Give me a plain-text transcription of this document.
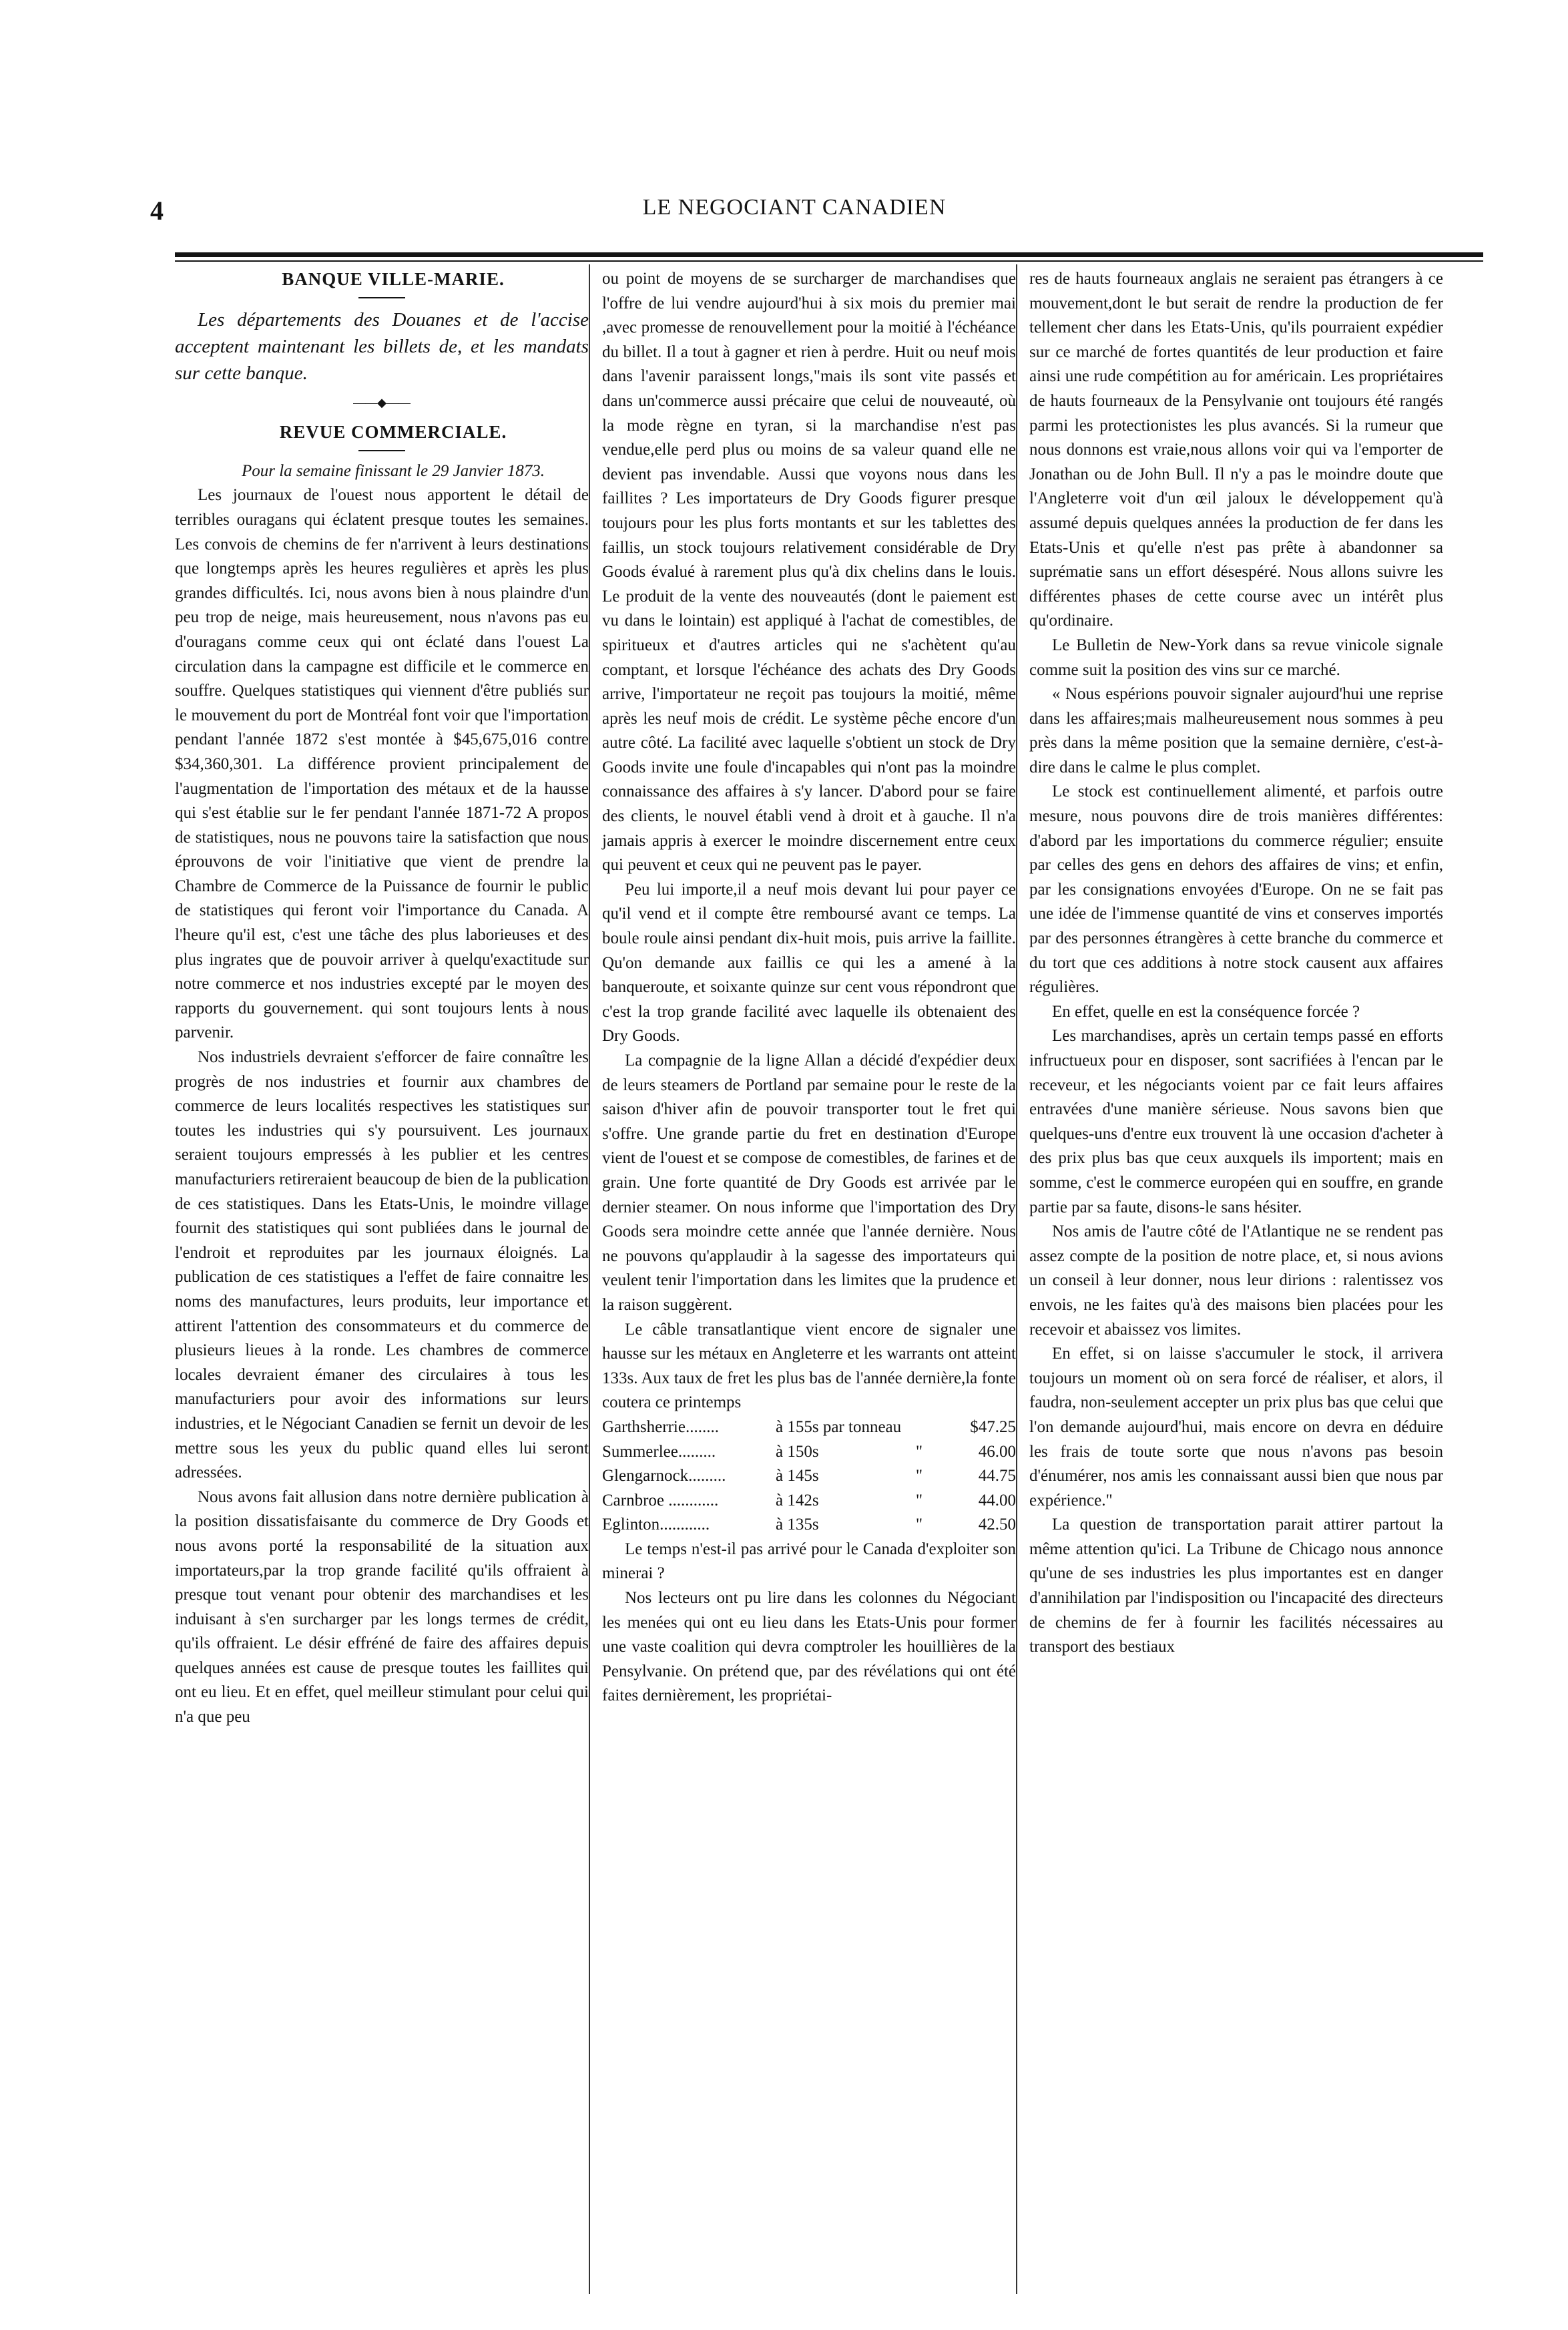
4	LE NEGOCIANT CANADIEN

BANQUE VILLE-MARIE.

Les départements des Douanes et de l'accise acceptent maintenant les billets de, et les mandats sur cette banque.

——◆——

REVUE COMMERCIALE.

Pour la semaine finissant le 29 Janvier 1873.

Les journaux de l'ouest nous apportent le détail de terribles ouragans qui éclatent presque toutes les semaines. Les convois de chemins de fer n'arrivent à leurs destinations que longtemps après les heures regulières et après les plus grandes difficultés. Ici, nous avons bien à nous plaindre d'un peu trop de neige, mais heureusement, nous n'avons pas eu d'ouragans comme ceux qui ont éclaté dans l'ouest La circulation dans la campagne est difficile et le commerce en souffre. Quelques statistiques qui viennent d'être publiés sur le mouvement du port de Montréal font voir que l'importation pendant l'année 1872 s'est montée à $45,675,016 contre $34,360,301. La différence provient principalement de l'augmentation de l'importation des métaux et de la hausse qui s'est établie sur le fer pendant l'année 1871-72 A propos de statistiques, nous ne pouvons taire la satisfaction que nous éprouvons de voir l'initiative que vient de prendre la Chambre de Commerce de la Puissance de fournir le public de statistiques qui feront voir l'importance du Canada. A l'heure qu'il est, c'est une tâche des plus laborieuses et des plus ingrates que de pouvoir arriver à quelqu'exactitude sur notre commerce et nos industries excepté par le moyen des rapports du gouvernement. qui sont toujours lents à nous parvenir.

Nos industriels devraient s'efforcer de faire connaître les progrès de nos industries et fournir aux chambres de commerce de leurs localités respectives les statistiques sur toutes les industries qui s'y poursuivent. Les journaux seraient toujours empressés à les publier et les centres manufacturiers retireraient beaucoup de bien de la publication de ces statistiques. Dans les Etats-Unis, le moindre village fournit des statistiques qui sont publiées dans le journal de l'endroit et reproduites par les journaux éloignés. La publication de ces statistiques a l'effet de faire connaitre les noms des manufactures, leurs produits, leur importance et attirent l'attention des consommateurs et du commerce de plusieurs lieues à la ronde. Les chambres de commerce locales devraient émaner des circulaires à tous les manufacturiers pour avoir des informations sur leurs industries, et le Négociant Canadien se fernit un devoir de les mettre sous les yeux du public quand elles lui seront adressées.

Nous avons fait allusion dans notre dernière publication à la position dissatisfaisante du commerce de Dry Goods et nous avons porté la responsabilité de la situation aux importateurs,par la trop grande facilité qu'ils offraient à presque tout venant pour obtenir des marchandises et les induisant à s'en surcharger par les longs termes de crédit, qu'ils offraient. Le désir effréné de faire des affaires depuis quelques années est cause de presque toutes les faillites qui ont eu lieu. Et en effet, quel meilleur stimulant pour celui qui n'a que peu

ou point de moyens de se surcharger de marchandises que l'offre de lui vendre aujourd'hui à six mois du premier mai ,avec promesse de renouvellement pour la moitié à l'échéance du billet. Il a tout à gagner et rien à perdre. Huit ou neuf mois dans l'avenir paraissent longs,"mais ils sont vite passés et dans un'commerce aussi précaire que celui de nouveauté, où la mode règne en tyran, si la marchandise n'est pas vendue,elle perd plus ou moins de sa valeur quand elle ne devient pas invendable. Aussi que voyons nous dans les faillites ? Les importateurs de Dry Goods figurer presque toujours pour les plus forts montants et sur les tablettes des faillis, un stock toujours relativement considérable de Dry Goods évalué à rarement plus qu'à dix chelins dans le louis. Le produit de la vente des nouveautés (dont le paiement est vu dans le lointain) est appliqué à l'achat de comestibles, de spiritueux et d'autres articles qui ne s'achètent qu'au comptant, et lorsque l'échéance des achats des Dry Goods arrive, l'importateur ne reçoit pas toujours la moitié, même après les neuf mois de crédit. Le système pêche encore d'un autre côté. La facilité avec laquelle s'obtient un stock de Dry Goods invite une foule d'incapables qui n'ont pas la moindre connaissance des affaires à s'y lancer. D'abord pour se faire des clients, le nouvel établi vend à droit et à gauche. Il n'a jamais appris à exercer le moindre discernement entre ceux qui peuvent et ceux qui ne peuvent pas le payer.

Peu lui importe,il a neuf mois devant lui pour payer ce qu'il vend et il compte être remboursé avant ce temps. La boule roule ainsi pendant dix-huit mois, puis arrive la faillite. Qu'on demande aux faillis ce qui les a amené à la banqueroute, et soixante quinze sur cent vous répondront que c'est la trop grande facilité avec laquelle ils obtenaient des Dry Goods.

La compagnie de la ligne Allan a décidé d'expédier deux de leurs steamers de Portland par semaine pour le reste de la saison d'hiver afin de pouvoir transporter tout le fret qui s'offre. Une grande partie du fret en destination d'Europe vient de l'ouest et se compose de comestibles, de farines et de grain. Une forte quantité de Dry Goods est arrivée par le dernier steamer. On nous informe que l'importation des Dry Goods sera moindre cette année que l'année dernière. Nous ne pouvons qu'applaudir à la sagesse des importateurs qui veulent tenir l'importation dans les limites que la prudence et la raison suggèrent.

Le câble transatlantique vient encore de signaler une hausse sur les métaux en Angleterre et les warrants ont atteint 133s. Aux taux de fret les plus bas de l'année dernière,la fonte coutera ce printemps

Garthsherrie........	à 155s par tonneau	$47.25
Summerlee.........	à 150s	"	46.00
Glengarnock.........	à 145s	"	44.75
Carnbroe ............	à 142s	"	44.00
Eglinton............	à 135s	"	42.50

Le temps n'est-il pas arrivé pour le Canada d'exploiter son minerai ?

Nos lecteurs ont pu lire dans les colonnes du Négociant les menées qui ont eu lieu dans les Etats-Unis pour former une vaste coalition qui devra comptroler les houillières de la Pensylvanie. On prétend que, par des révélations qui ont été faites dernièrement, les propriétai-

res de hauts fourneaux anglais ne seraient pas étrangers à ce mouvement,dont le but serait de rendre la production de fer tellement cher dans les Etats-Unis, qu'ils pourraient expédier sur ce marché de fortes quantités de leur production et faire ainsi une rude compétition au for américain. Les propriétaires de hauts fourneaux de la Pensylvanie ont toujours été rangés parmi les protectionistes les plus avancés. Si la rumeur que nous donnons est vraie,nous allons voir qui va l'emporter de Jonathan ou de John Bull. Il n'y a pas le moindre doute que l'Angleterre voit d'un œil jaloux le développement qu'à assumé depuis quelques années la production de fer dans les Etats-Unis et qu'elle n'est pas prête à abandonner sa suprématie sans un effort désespéré. Nous allons suivre les différentes phases de cette course avec un intérêt plus qu'ordinaire.

Le Bulletin de New-York dans sa revue vinicole signale comme suit la position des vins sur ce marché.

« Nous espérions pouvoir signaler aujourd'hui une reprise dans les affaires;mais malheureusement nous sommes à peu près dans la même position que la semaine dernière, c'est-à-dire dans le calme le plus complet.

Le stock est continuellement alimenté, et parfois outre mesure, nous pouvons dire de trois manières différentes: d'abord par les importations du commerce régulier; ensuite par celles des gens en dehors des affaires de vins; et enfin, par les consignations envoyées d'Europe. On ne se fait pas une idée de l'immense quantité de vins et conserves importés par des personnes étrangères à cette branche du commerce et du tort que ces additions à notre stock causent aux affaires régulières.

En effet, quelle en est la conséquence forcée ?

Les marchandises, après un certain temps passé en efforts infructueux pour en disposer, sont sacrifiées à l'encan par le receveur, et les négociants voient par ce fait leurs affaires entravées d'une manière sérieuse. Nous savons bien que quelques-uns d'entre eux trouvent là une occasion d'acheter à des prix plus bas que ceux auxquels ils importent; mais en somme, c'est le commerce européen qui en souffre, en grande partie par sa faute, disons-le sans hésiter.

Nos amis de l'autre côté de l'Atlantique ne se rendent pas assez compte de la position de notre place, et, si nous avions un conseil à leur donner, nous leur dirions : ralentissez vos envois, ne les faites qu'à des maisons bien placées pour les recevoir et abaissez vos limites.

En effet, si on laisse s'accumuler le stock, il arrivera toujours un moment où on sera forcé de réaliser, et alors, il faudra, non-seulement accepter un prix plus bas que celui que l'on demande aujourd'hui, mais encore on devra en déduire les frais de toute sorte que nous n'avons pas besoin d'énumérer, nos amis les connaissant aussi bien que nous par expérience."

La question de transportation parait attirer partout la même attention qu'ici. La Tribune de Chicago nous annonce qu'une de ses industries les plus importantes est en danger d'annihilation par l'indisposition ou l'incapacité des directeurs de chemins de fer à fournir les facilités nécessaires au transport des bestiaux
